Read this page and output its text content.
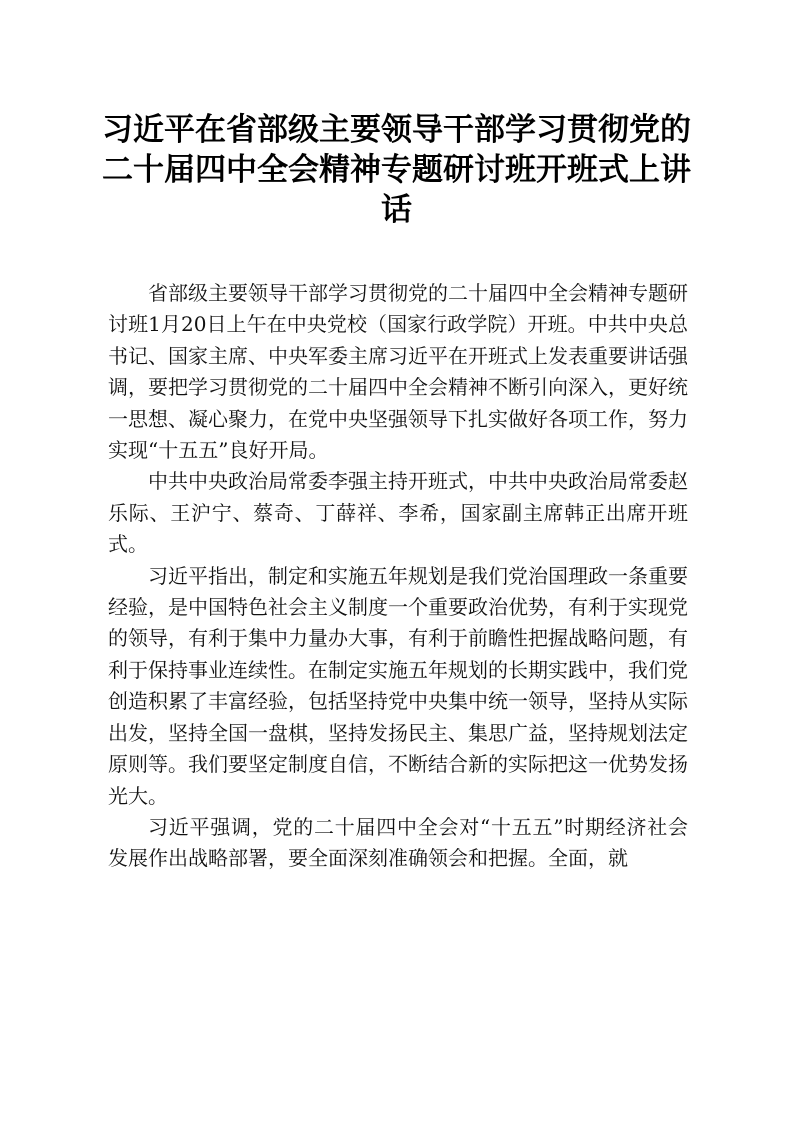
习近平在省部级主要领导干部学习贯彻党的二十届四中全会精神专题研讨班开班式上讲话

省部级主要领导干部学习贯彻党的二十届四中全会精神专题研讨班1月20日上午在中央党校（国家行政学院）开班。中共中央总书记、国家主席、中央军委主席习近平在开班式上发表重要讲话强调，要把学习贯彻党的二十届四中全会精神不断引向深入，更好统一思想、凝心聚力，在党中央坚强领导下扎实做好各项工作，努力实现“十五五”良好开局。

中共中央政治局常委李强主持开班式，中共中央政治局常委赵乐际、王沪宁、蔡奇、丁薛祥、李希，国家副主席韩正出席开班式。

习近平指出，制定和实施五年规划是我们党治国理政一条重要经验，是中国特色社会主义制度一个重要政治优势，有利于实现党的领导，有利于集中力量办大事，有利于前瞻性把握战略问题，有利于保持事业连续性。在制定实施五年规划的长期实践中，我们党创造积累了丰富经验，包括坚持党中央集中统一领导，坚持从实际出发，坚持全国一盘棋，坚持发扬民主、集思广益，坚持规划法定原则等。我们要坚定制度自信，不断结合新的实际把这一优势发扬光大。

习近平强调，党的二十届四中全会对“十五五”时期经济社会发展作出战略部署，要全面深刻准确领会和把握。全面，就
